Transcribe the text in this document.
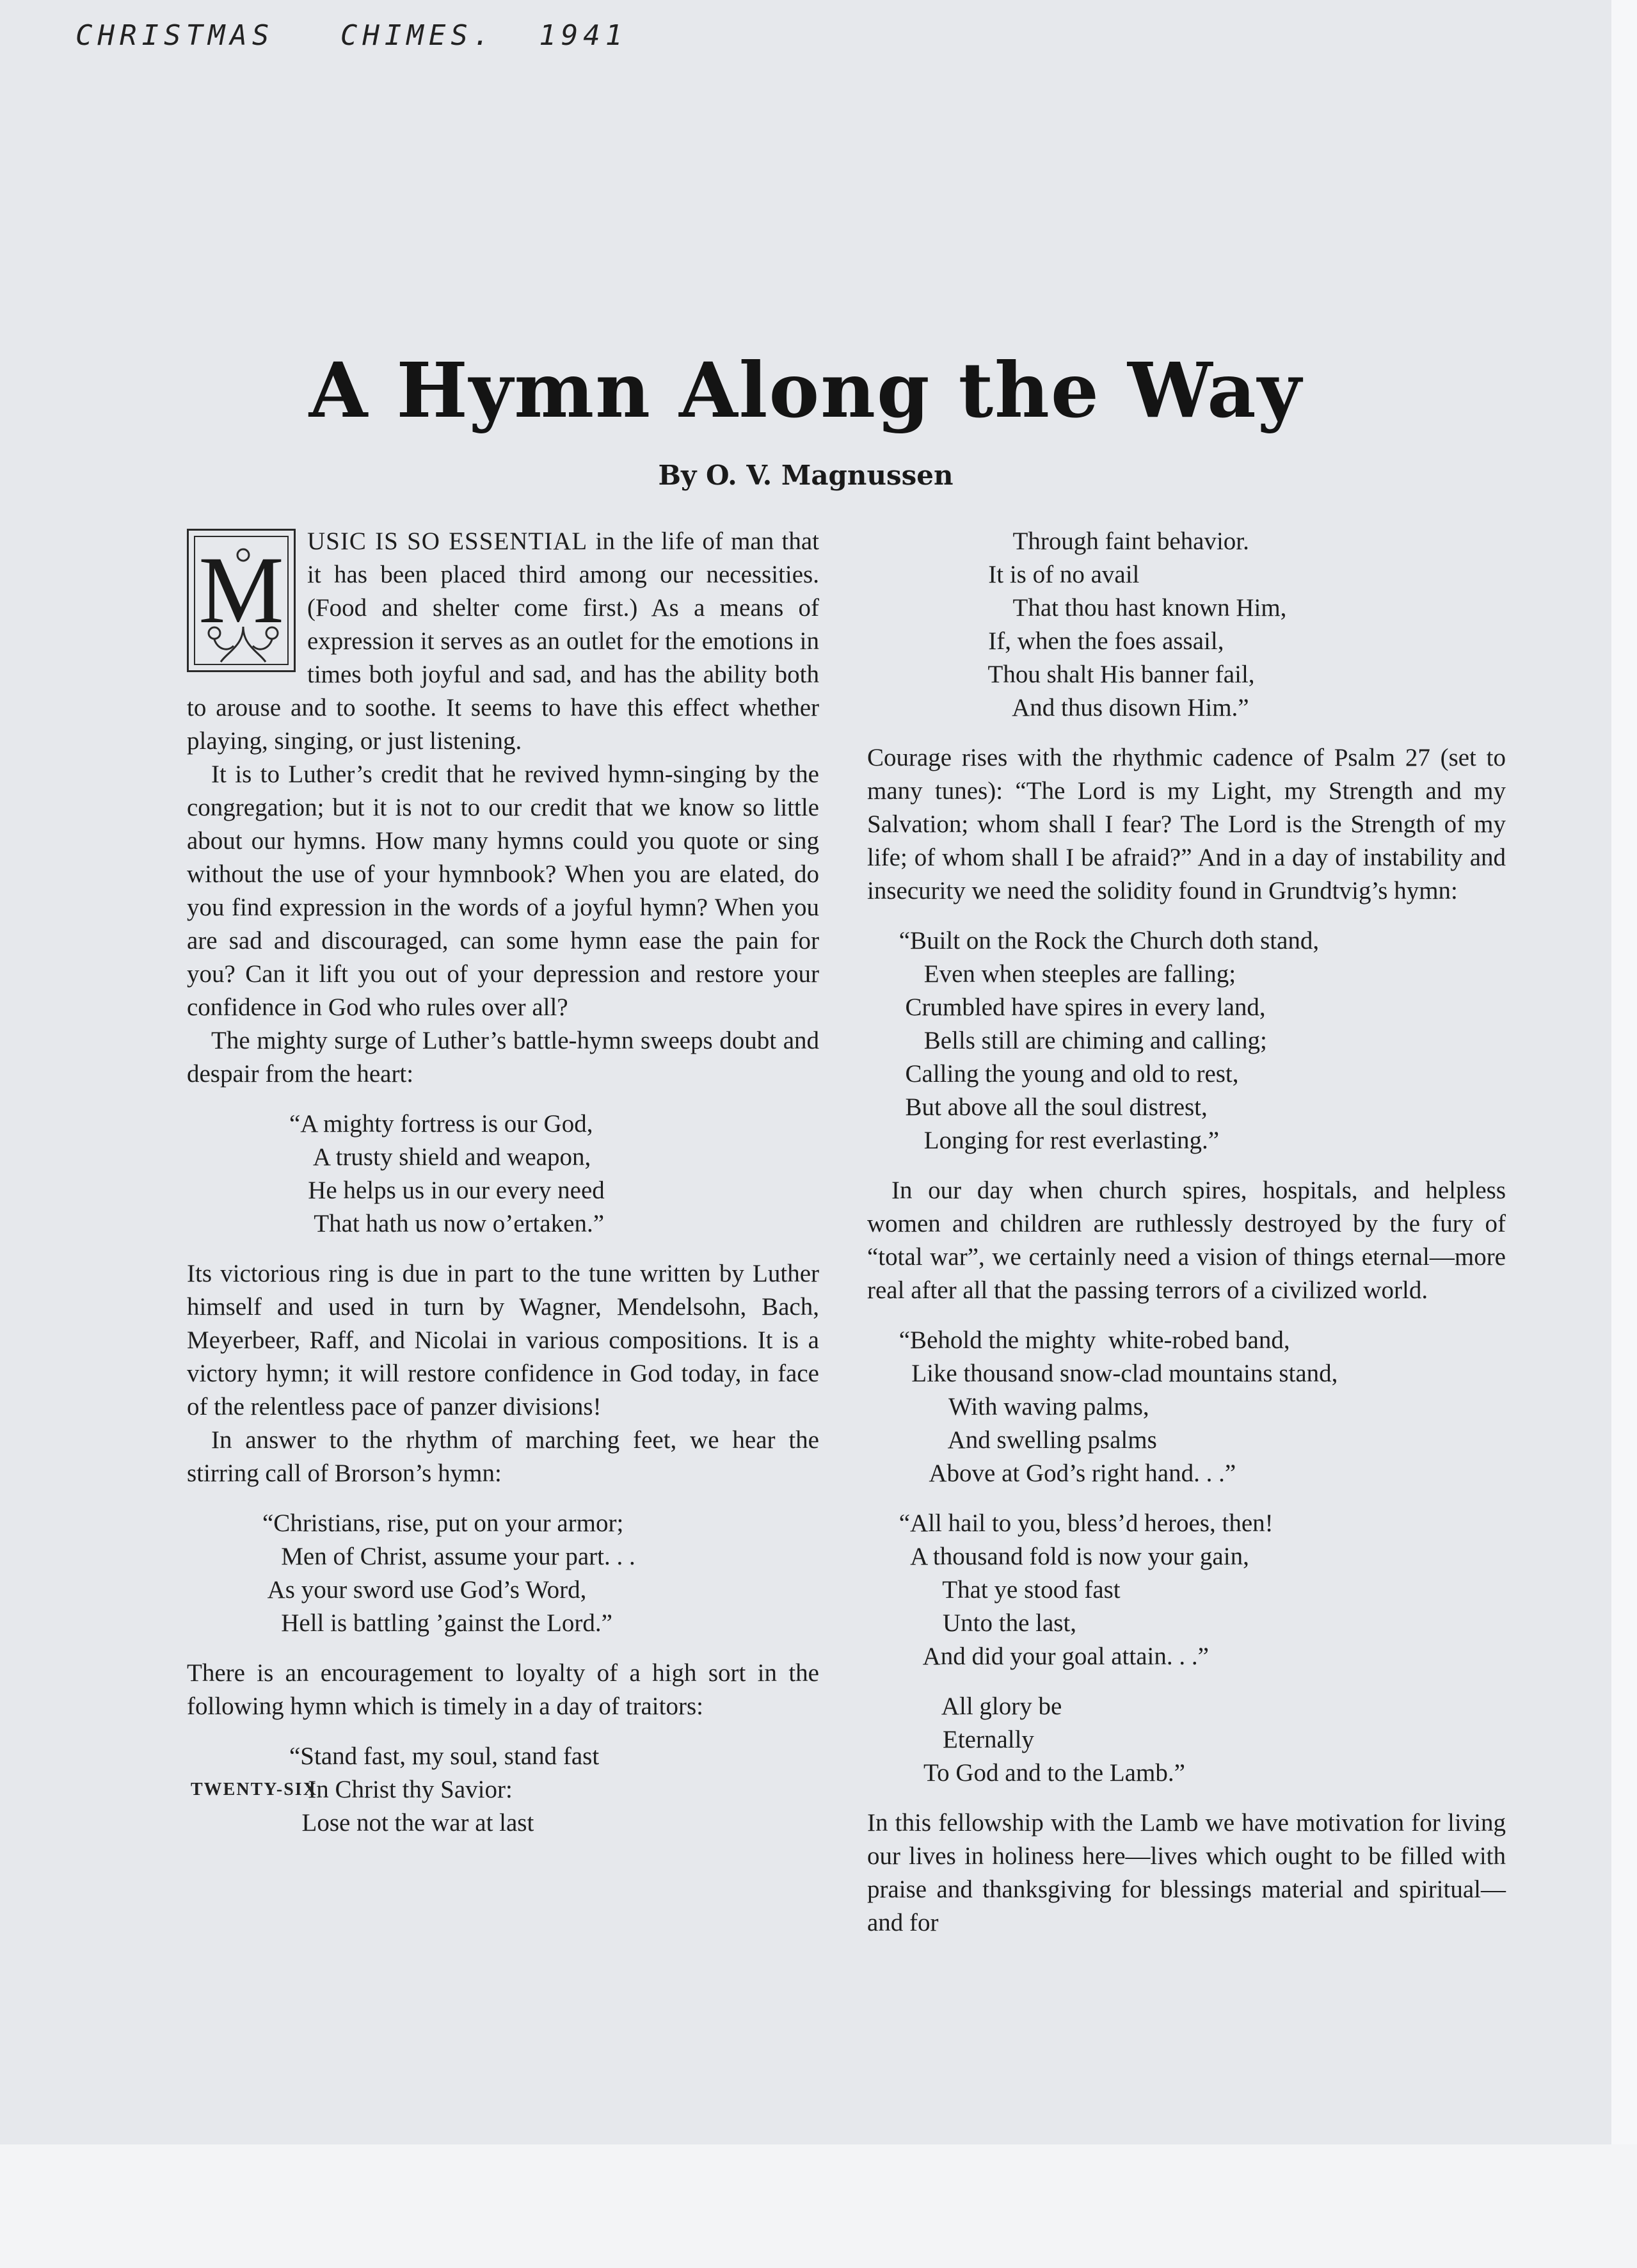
CHRISTMAS   CHIMES.  1941
A Hymn Along the Way
By O. V. Magnussen

M USIC IS SO ESSENTIAL in the life of man that it has been placed third among our necessities. (Food and shelter come first.) As a means of expression it serves as an outlet for the emotions in times both joyful and sad, and has the ability both to arouse and to soothe. It seems to have this effect whether playing, singing, or just listening.

It is to Luther’s credit that he revived hymn-singing by the congregation; but it is not to our credit that we know so little about our hymns. How many hymns could you quote or sing without the use of your hymnbook? When you are elated, do you find expression in the words of a joyful hymn? When you are sad and discouraged, can some hymn ease the pain for you? Can it lift you out of your depression and restore your confidence in God who rules over all?

The mighty surge of Luther’s battle-hymn sweeps doubt and despair from the heart:

“A mighty fortress is our God,
A trusty shield and weapon,
He helps us in our every need
That hath us now o’ertaken.”

Its victorious ring is due in part to the tune written by Luther himself and used in turn by Wagner, Mendelsohn, Bach, Meyerbeer, Raff, and Nicolai in various compositions. It is a victory hymn; it will restore confidence in God today, in face of the relentless pace of panzer divisions!

In answer to the rhythm of marching feet, we hear the stirring call of Brorson’s hymn:

“Christians, rise, put on your armor;
Men of Christ, assume your part. . .
As your sword use God’s Word,
Hell is battling ’gainst the Lord.”

There is an encouragement to loyalty of a high sort in the following hymn which is timely in a day of traitors:

“Stand fast, my soul, stand fast
In Christ thy Savior:
Lose not the war at last
Through faint behavior.
It is of no avail
That thou hast known Him,
If, when the foes assail,
Thou shalt His banner fail,
And thus disown Him.”

Courage rises with the rhythmic cadence of Psalm 27 (set to many tunes): “The Lord is my Light, my Strength and my Salvation; whom shall I fear? The Lord is the Strength of my life; of whom shall I be afraid?” And in a day of instability and insecurity we need the solidity found in Grundtvig’s hymn:

“Built on the Rock the Church doth stand,
Even when steeples are falling;
Crumbled have spires in every land,
Bells still are chiming and calling;
Calling the young and old to rest,
But above all the soul distrest,
Longing for rest everlasting.”

In our day when church spires, hospitals, and helpless women and children are ruthlessly destroyed by the fury of “total war”, we certainly need a vision of things eternal—more real after all that the passing terrors of a civilized world.

“Behold the mighty  white-robed band,
Like thousand snow-clad mountains stand,
With waving palms,
And swelling psalms
Above at God’s right hand. . .”
“All hail to you, bless’d heroes, then!
A thousand fold is now your gain,
That ye stood fast
Unto the last,
And did your goal attain. . .”
All glory be
Eternally
To God and to the Lamb.”

In this fellowship with the Lamb we have motivation for living our lives in holiness here—lives which ought to be filled with praise and thanksgiving for blessings material and spiritual—and for

TWENTY-SIX
